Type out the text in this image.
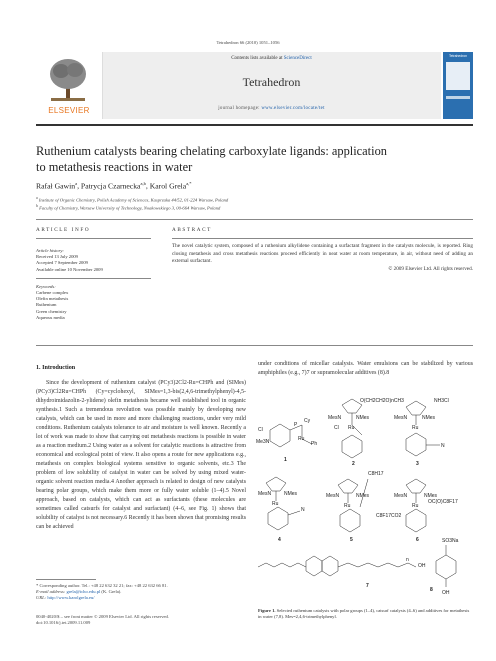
Tetrahedron 66 (2010) 1051–1056
ELSEVIER
Contents lists available at ScienceDirect
Tetrahedron
journal homepage: www.elsevier.com/locate/tet
Tetrahedron
Ruthenium catalysts bearing chelating carboxylate ligands: application
to metathesis reactions in water
Rafał Gawin$^a$, Patrycja Czarnecka$^{a,b}$, Karol Grela$^{a,*}$
$^a$ Institute of Organic Chemistry, Polish Academy of Sciences, Kasprzaka 44/52, 01-224 Warsaw, Poland
$^b$ Faculty of Chemistry, Warsaw University of Technology, Noakowskiego 3, 00-664 Warsaw, Poland
ARTICLE INFO	ABSTRACT
Article history:
Received 13 July 2009
Accepted 7 September 2009
Available online 10 November 2009
Keywords:
Carbene complex
Olefin metathesis
Ruthenium
Green chemistry
Aqueous media
The novel catalytic system, composed of a ruthenium alkylidene containing a surfactant fragment in the catalysts molecule, is reported. Ring closing metathesis and cross metathesis reactions proceed efficiently in neat water at room temperature, in air, without need of adding an external surfactant.
© 2009 Elsevier Ltd. All rights reserved.
1. Introduction

Since the development of ruthenium catalyst (PCy3)2Cl2-Ru=CHPh and (SIMes)(PCy3)Cl2Ru=CHPh (Cy=cyclohexyl, SIMes=1,3-bis(2,4,6-trimethylphenyl)-4,5-dihydroimidazolin-2-ylidene) olefin metathesis became well established tool in organic synthesis.1 Such a tremendous revolution was possible mainly by developing new catalysts, which can be used in more and more challenging reactions, under very mild conditions. Ruthenium catalysts tolerance to air and moisture is well known. Recently a lot of work was made to show that carrying out metathesis reactions is possible in water as a reaction medium.2 Using water as a solvent for catalytic reactions is attractive from economical and ecological point of view. It also opens a route for new applications e.g., metathesis on complex biological systems sensitive to organic solvents, etc.3 The problem of low solubility of catalyst in water can be solved by using mixed water-organic solvent reaction media.4 Another approach is related to design of new catalysts bearing polar groups, which make them more or fully water soluble (1–4).5 Novel approach, based on catalysts, which can act as surfactants (these molecules are sometimes called catsurfs for catalyst and surfactant) (4–6, see Fig. 1) shows that solubility of catalyst is not necessary.6 Recently it has been shown that promising results can be achieved

under conditions of micellar catalysis. Water emulsions can be stabilized by various amphiphiles (e.g., 7)7 or supramolecular additives (8).8

Cl
Me3N
P
Cy
Ru
Ph
1
O(CH2CH2O)nCH3
MesN	NMes
Ru
Cl
2
NH3Cl
MesN	NMes
Ru
N
3
MesN	NMes
Ru
N
4
C8H17
MesN	NMes
Ru
5
MesN	NMes
OC(O)C8F17
C8F17CO2
Ru
6
n
OH
7
SO3Na
OH
8
Figure 1. Selected ruthenium catalysts with polar groups (1–4), catsurf catalysts (4–6) and additives for metathesis in water (7,8). Mes=2,4,6-trimethylphenyl.
* Corresponding author. Tel.: +48 22 632 32 21; fax: +48 22 632 66 81.
E-mail address: grela@icho.edu.pl (K. Grela).
URL: http://www.karolgrela.eu/
0040-4020/$ – see front matter © 2009 Elsevier Ltd. All rights reserved.
doi:10.1016/j.tet.2009.11.009
